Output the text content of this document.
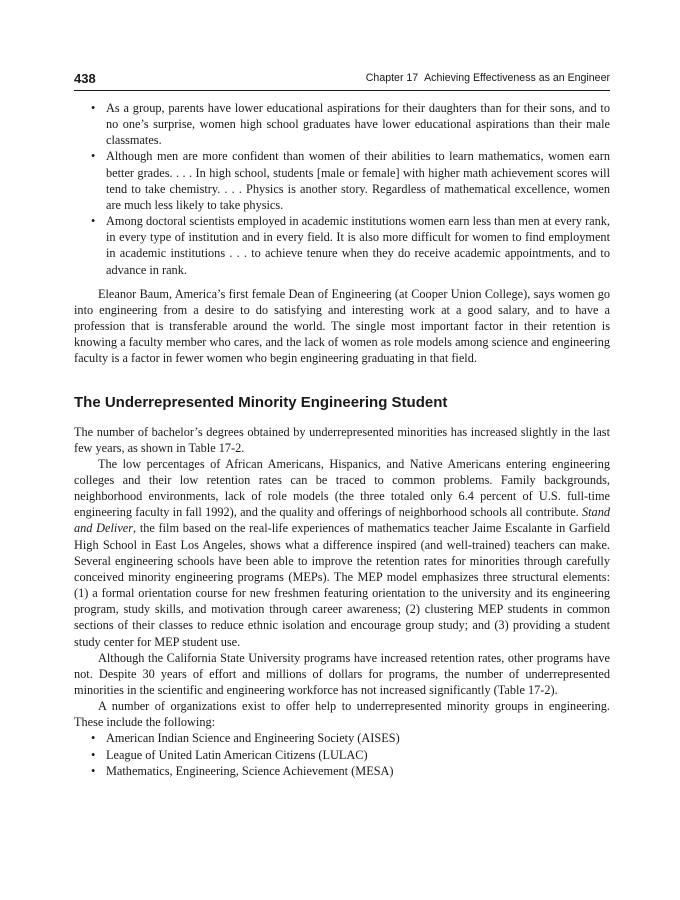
438	Chapter 17 Achieving Effectiveness as an Engineer
• As a group, parents have lower educational aspirations for their daughters than for their sons, and to no one’s surprise, women high school graduates have lower educational aspirations than their male classmates.
• Although men are more confident than women of their abilities to learn mathematics, women earn better grades. . . . In high school, students [male or female] with higher math achievement scores will tend to take chemistry. . . . Physics is another story. Regardless of mathematical excellence, women are much less likely to take physics.
• Among doctoral scientists employed in academic institutions women earn less than men at every rank, in every type of institution and in every field. It is also more difficult for women to find employment in academic institutions . . . to achieve tenure when they do receive academic appointments, and to advance in rank.

Eleanor Baum, America’s first female Dean of Engineering (at Cooper Union College), says women go into engineering from a desire to do satisfying and interesting work at a good salary, and to have a profession that is transferable around the world. The single most important factor in their retention is knowing a faculty member who cares, and the lack of women as role models among science and engineering faculty is a factor in fewer women who begin engineering graduating in that field.

The Underrepresented Minority Engineering Student

The number of bachelor’s degrees obtained by underrepresented minorities has increased slightly in the last few years, as shown in Table 17-2.

The low percentages of African Americans, Hispanics, and Native Americans entering engineering colleges and their low retention rates can be traced to common problems. Family backgrounds, neighborhood environments, lack of role models (the three totaled only 6.4 percent of U.S. full-time engineering faculty in fall 1992), and the quality and offerings of neighborhood schools all contribute. Stand and Deliver, the film based on the real-life experiences of mathematics teacher Jaime Escalante in Garfield High School in East Los Angeles, shows what a difference inspired (and well-trained) teachers can make. Several engineering schools have been able to improve the retention rates for minorities through carefully conceived minority engineering programs (MEPs). The MEP model emphasizes three structural elements: (1) a formal orientation course for new freshmen featuring orientation to the university and its engineering program, study skills, and motivation through career awareness; (2) clustering MEP students in common sections of their classes to reduce ethnic isolation and encourage group study; and (3) providing a student study center for MEP student use.

Although the California State University programs have increased retention rates, other programs have not. Despite 30 years of effort and millions of dollars for programs, the number of underrepresented minorities in the scientific and engineering workforce has not increased significantly (Table 17-2).

A number of organizations exist to offer help to underrepresented minority groups in engineering. These include the following:

• American Indian Science and Engineering Society (AISES)
• League of United Latin American Citizens (LULAC)
• Mathematics, Engineering, Science Achievement (MESA)
